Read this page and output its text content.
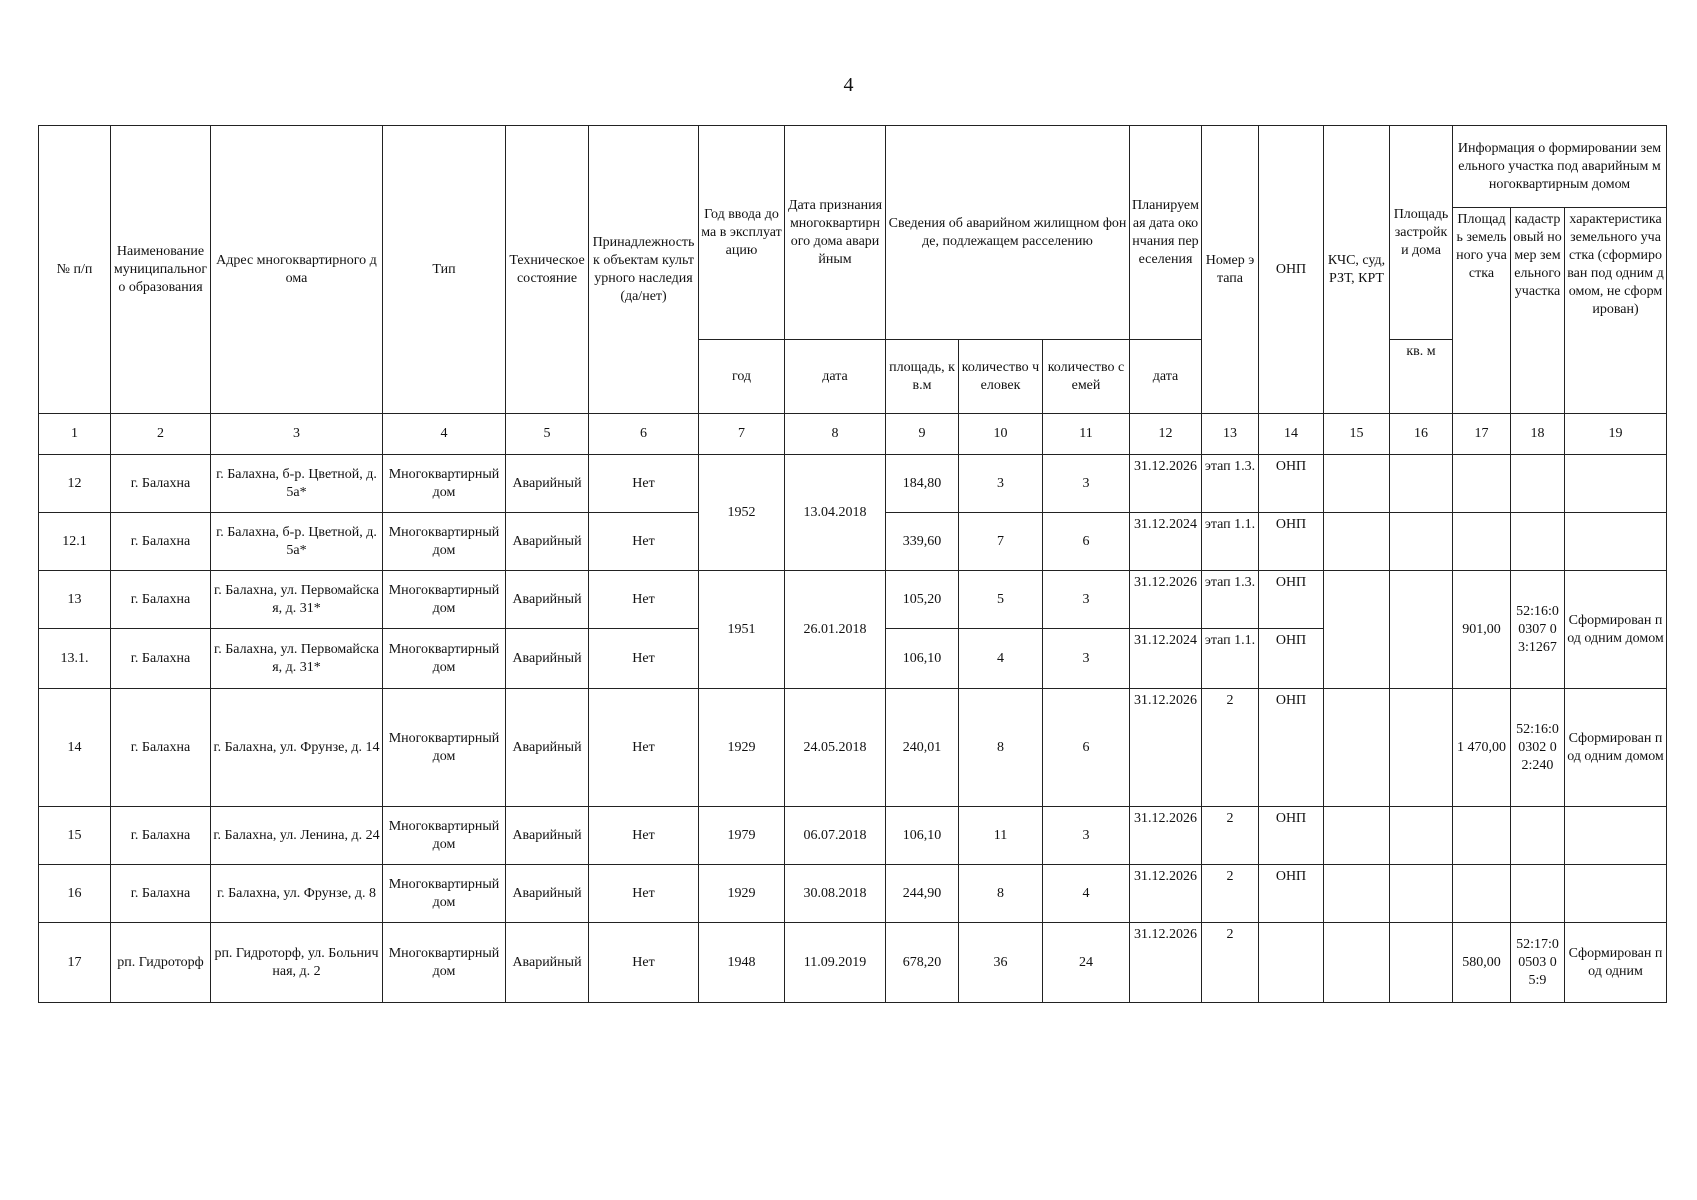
4
№ п/п	Наименование муниципального образования	Адрес многоквартирного дома	Тип	Техническое состояние	Принадлежность к объектам культурного наследия (да/нет)	Год ввода дома в эксплуатацию	Дата признания многоквартирного дома аварийным	Сведения об аварийном жилищном фонде, подлежащем расселению			Планируемая дата окончания переселения	Номер этапа	ОНП	КЧС, суд, РЗТ, КРТ	Площадь застройки дома	Информация о формировании земельного участка под аварийным многоквартирным домом		
																Площадь земельного участка	кадастровый номер земельного участка	характеристика земельного участка (сформирован под одним домом, не сформирован)
						год	дата	площадь, кв.м	количество человек	количество семей	дата				кв. м			
1	2	3	4	5	6	7	8	9	10	11	12	13	14	15	16	17	18	19
12	г. Балахна	г. Балахна, б-р. Цветной, д. 5а*	Многоквартирный дом	Аварийный	Нет	1952	13.04.2018	184,80	3	3	31.12.2026	этап 1.3.	ОНП					
12.1	г. Балахна	г. Балахна, б-р. Цветной, д. 5а*	Многоквартирный дом	Аварийный	Нет			339,60	7	6	31.12.2024	этап 1.1.	ОНП					
13	г. Балахна	г. Балахна, ул. Первомайская, д. 31*	Многоквартирный дом	Аварийный	Нет	1951	26.01.2018	105,20	5	3	31.12.2026	этап 1.3.	ОНП			901,00	52:16:00307 03:1267	Сформирован под одним домом
13.1.	г. Балахна	г. Балахна, ул. Первомайская, д. 31*	Многоквартирный дом	Аварийный	Нет			106,10	4	3	31.12.2024	этап 1.1.	ОНП					
14	г. Балахна	г. Балахна, ул. Фрунзе, д. 14	Многоквартирный дом	Аварийный	Нет	1929	24.05.2018	240,01	8	6	31.12.2026	2	ОНП			1 470,00	52:16:00302 02:240	Сформирован под одним домом
15	г. Балахна	г. Балахна, ул. Ленина, д. 24	Многоквартирный дом	Аварийный	Нет	1979	06.07.2018	106,10	11	3	31.12.2026	2	ОНП					
16	г. Балахна	г. Балахна, ул. Фрунзе, д. 8	Многоквартирный дом	Аварийный	Нет	1929	30.08.2018	244,90	8	4	31.12.2026	2	ОНП					
17	рп. Гидроторф	рп. Гидроторф, ул. Больничная, д. 2	Многоквартирный дом	Аварийный	Нет	1948	11.09.2019	678,20	36	24	31.12.2026	2				580,00	52:17:00503 05:9	Сформирован под одним
